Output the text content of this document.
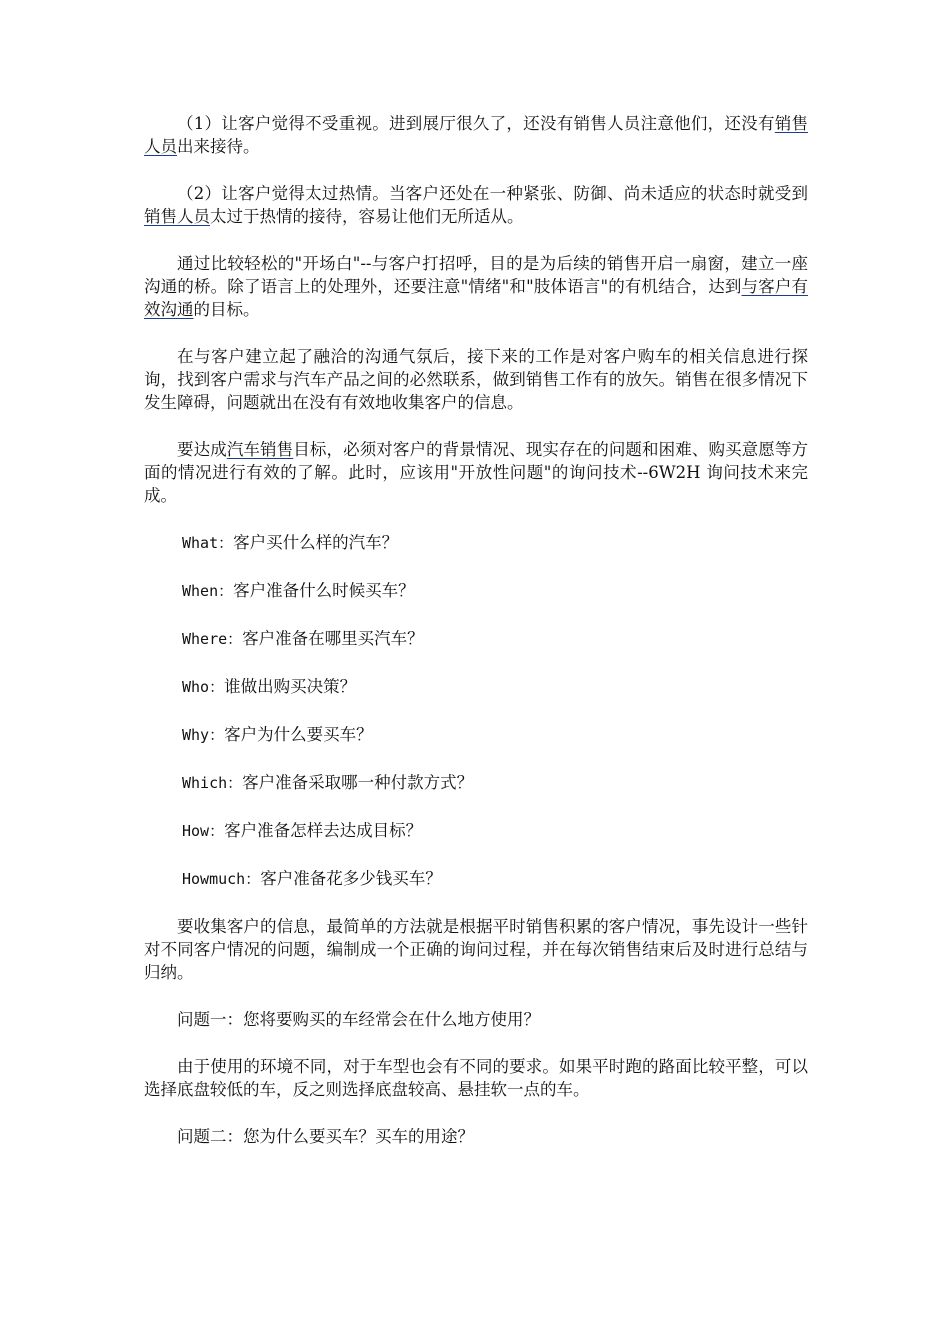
（1）让客户觉得不受重视。进到展厅很久了，还没有销售人员注意他们，还没有销售人员出来接待。

（2）让客户觉得太过热情。当客户还处在一种紧张、防御、尚未适应的状态时就受到销售人员太过于热情的接待，容易让他们无所适从。

通过比较轻松的"开场白"--与客户打招呼，目的是为后续的销售开启一扇窗，建立一座沟通的桥。除了语言上的处理外，还要注意"情绪"和"肢体语言"的有机结合，达到与客户有效沟通的目标。

在与客户建立起了融洽的沟通气氛后，接下来的工作是对客户购车的相关信息进行探询，找到客户需求与汽车产品之间的必然联系，做到销售工作有的放矢。销售在很多情况下发生障碍，问题就出在没有有效地收集客户的信息。

要达成汽车销售目标，必须对客户的背景情况、现实存在的问题和困难、购买意愿等方面的情况进行有效的了解。此时，应该用"开放性问题"的询问技术--6W2H 询问技术来完成。

What：客户买什么样的汽车？

When：客户准备什么时候买车？

Where：客户准备在哪里买汽车？

Who：谁做出购买决策？

Why：客户为什么要买车？

Which：客户准备采取哪一种付款方式？

How：客户准备怎样去达成目标？

Howmuch：客户准备花多少钱买车？

要收集客户的信息，最简单的方法就是根据平时销售积累的客户情况，事先设计一些针对不同客户情况的问题，编制成一个正确的询问过程，并在每次销售结束后及时进行总结与归纳。

问题一：您将要购买的车经常会在什么地方使用？

由于使用的环境不同，对于车型也会有不同的要求。如果平时跑的路面比较平整，可以选择底盘较低的车，反之则选择底盘较高、悬挂软一点的车。

问题二：您为什么要买车？买车的用途？
